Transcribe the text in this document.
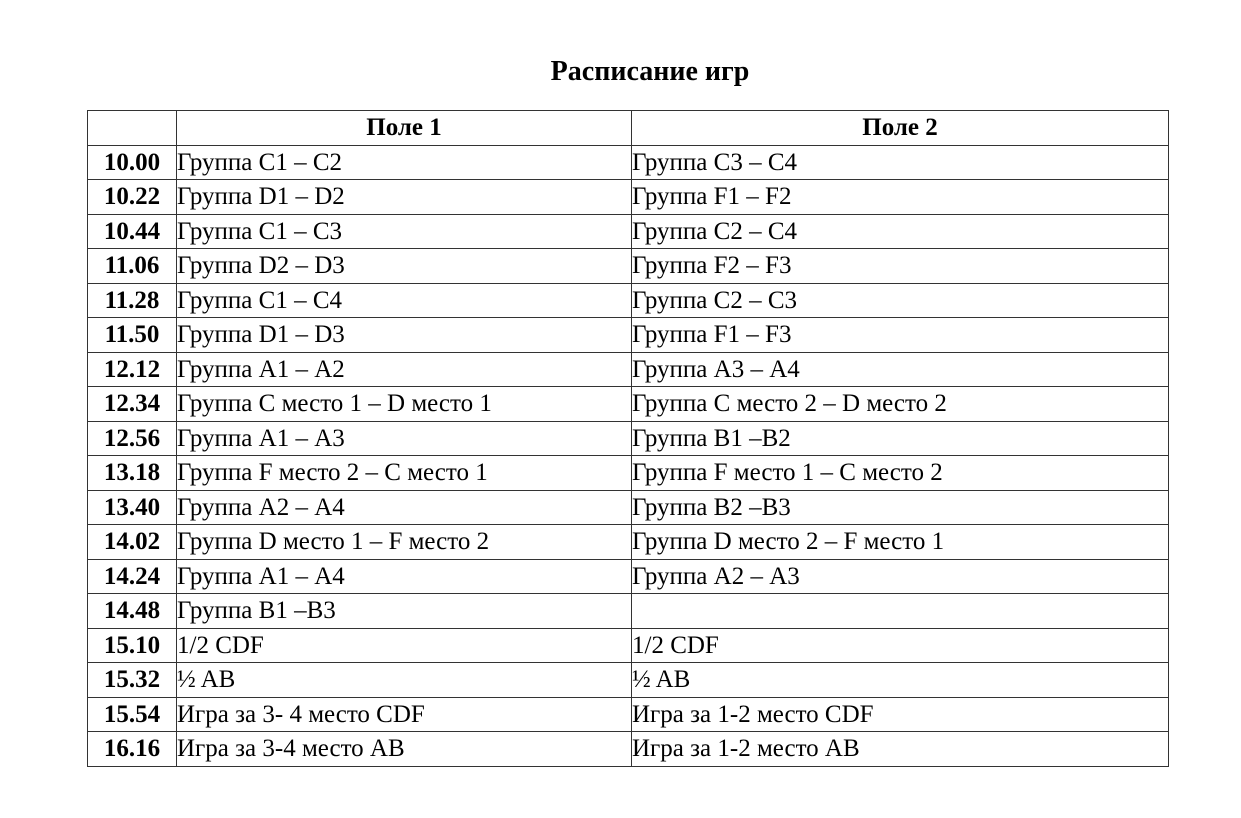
Расписание игр
	Поле 1	Поле 2
10.00	Группа С1 – С2	Группа С3 – С4
10.22	Группа D1 – D2	Группа F1 – F2
10.44	Группа С1 – С3	Группа С2 – С4
11.06	Группа D2 – D3	Группа F2 – F3
11.28	Группа С1 – С4	Группа С2 – С3
11.50	Группа D1 – D3	Группа F1 – F3
12.12	Группа А1 – А2	Группа А3 – А4
12.34	Группа С место 1 – D место 1	Группа С место 2 – D место 2
12.56	Группа А1 – А3	Группа В1 –В2
13.18	Группа F место 2 – C место 1	Группа F место 1 – C место 2
13.40	Группа А2 – А4	Группа В2 –В3
14.02	Группа D место 1 – F место 2	Группа D место 2 – F место 1
14.24	Группа А1 – А4	Группа А2 – А3
14.48	Группа В1 –В3	
15.10	1/2 CDF	1/2 CDF
15.32	½ AB	½ AB
15.54	Игра за 3- 4 место CDF	Игра за 1-2 место CDF
16.16	Игра за 3-4 место AB	Игра за 1-2 место AB
